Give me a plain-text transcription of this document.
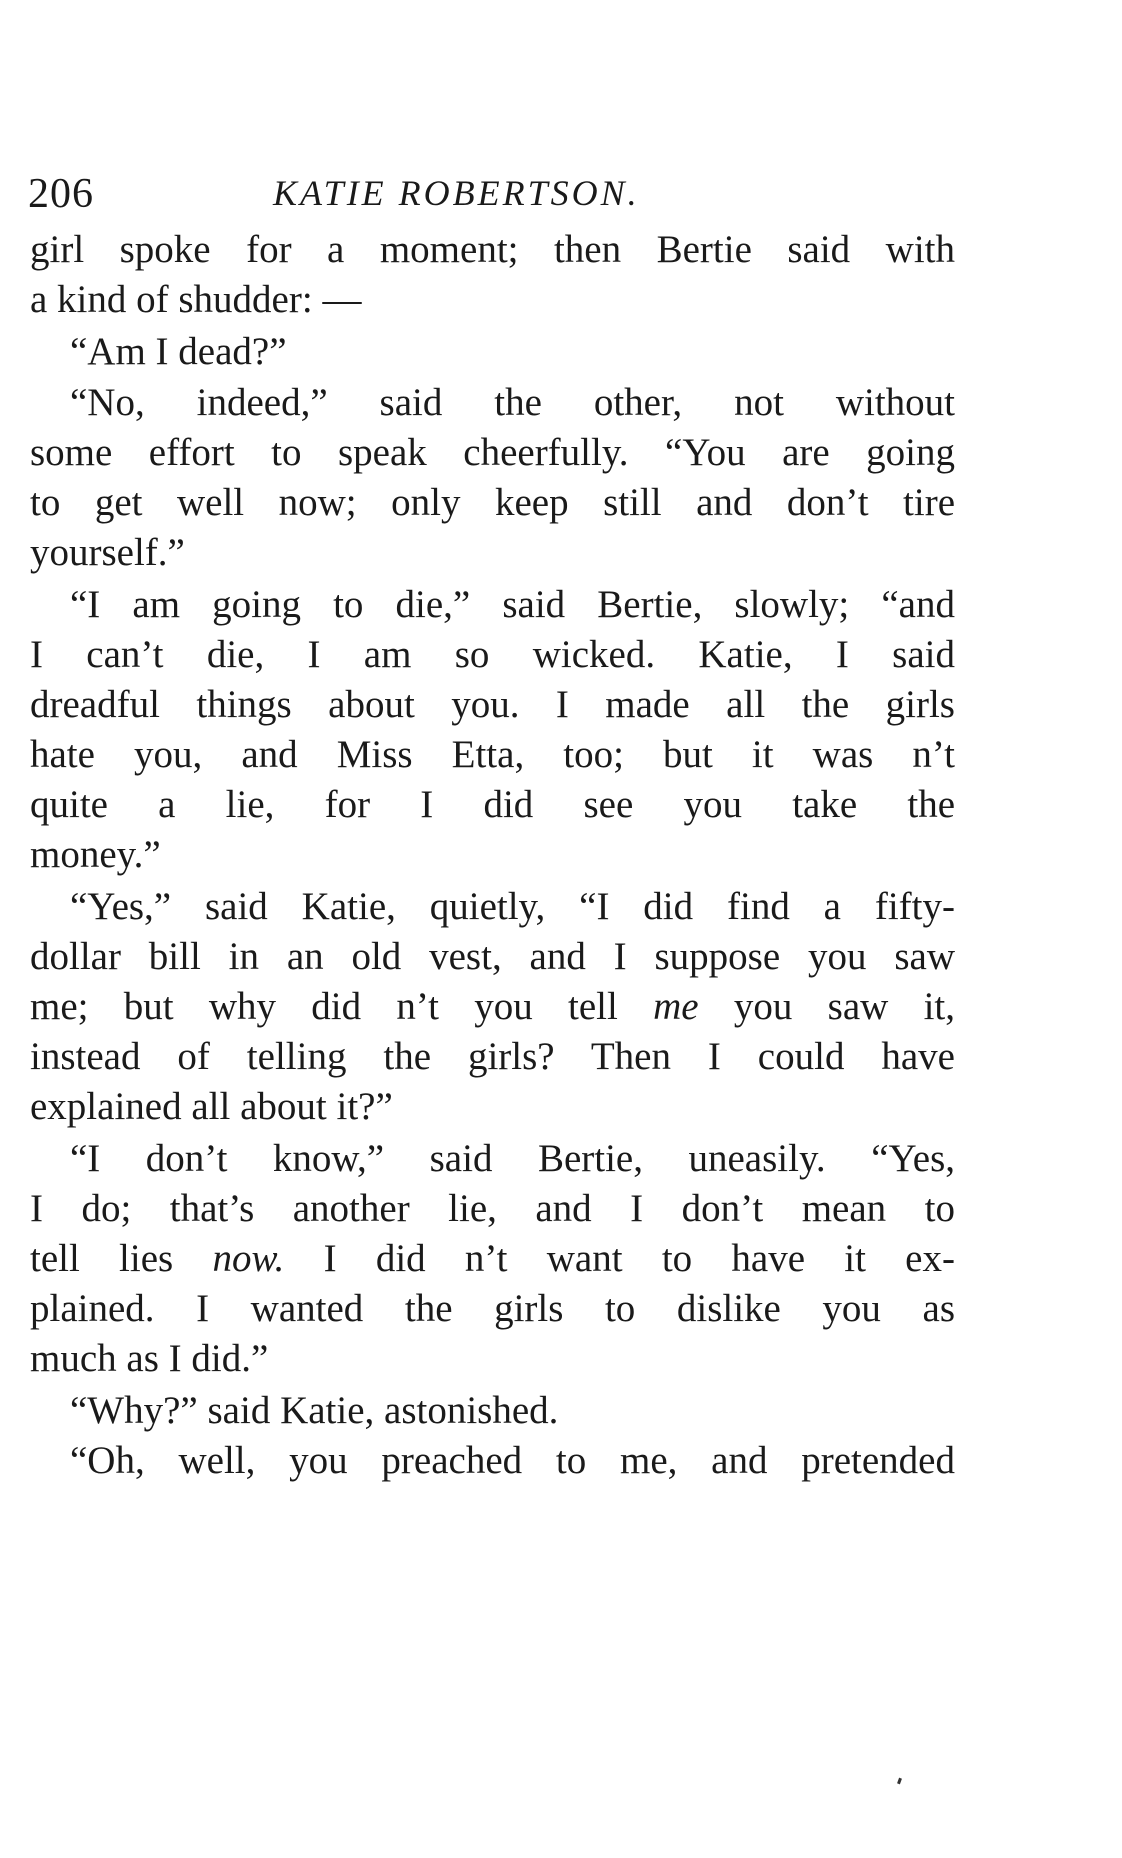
206	KATIE ROBERTSON.
girl spoke for a moment; then Bertie said with
a kind of shudder: —
“Am I dead?”
“No, indeed,” said the other, not without
some effort to speak cheerfully. “You are going
to get well now; only keep still and don’t tire
yourself.”
“I am going to die,” said Bertie, slowly; “and
I can’t die, I am so wicked. Katie, I said
dreadful things about you. I made all the girls
hate you, and Miss Etta, too; but it was n’t
quite a lie, for I did see you take the
money.”
“Yes,” said Katie, quietly, “I did find a fifty-
dollar bill in an old vest, and I suppose you saw
me; but why did n’t you tell me you saw it,
instead of telling the girls? Then I could have
explained all about it?”
“I don’t know,” said Bertie, uneasily. “Yes,
I do; that’s another lie, and I don’t mean to
tell lies now. I did n’t want to have it ex-
plained. I wanted the girls to dislike you as
much as I did.”
“Why?” said Katie, astonished.
“Oh, well, you preached to me, and pretended
